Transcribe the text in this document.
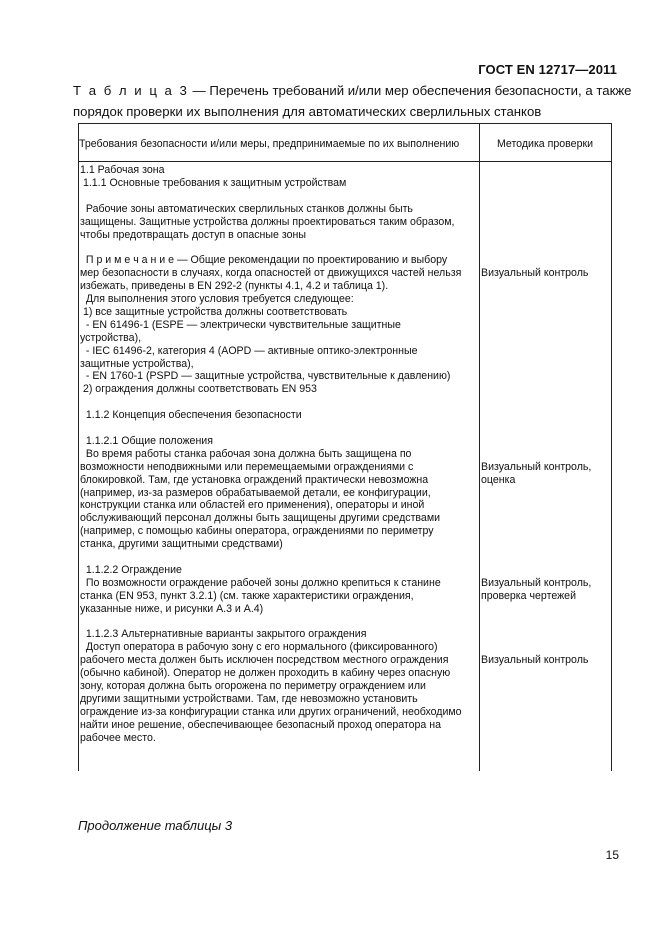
ГОСТ EN 12717—2011
Т а б л и ц а 3 — Перечень требований и/или мер обеспечения безопасности, а также
порядок проверки их выполнения для автоматических сверлильных станков
Требования безопасности и/или меры, предпринимаемые по их выполнению	Методика проверки
1.1 Рабочая зона
1.1.1 Основные требования к защитным устройствам
Рабочие зоны автоматических сверлильных станков должны быть
защищены. Защитные устройства должны проектироваться таким образом,
чтобы предотвращать доступ в опасные зоны
П р и м е ч а н и е — Общие рекомендации по проектированию и выбору
мер безопасности в случаях, когда опасностей от движущихся частей нельзя
избежать, приведены в EN 292-2 (пункты 4.1, 4.2 и таблица 1).
Для выполнения этого условия требуется следующее:
1) все защитные устройства должны соответствовать
- EN 61496-1 (ESPE — электрически чувствительные защитные
устройства),
- IEC 61496-2, категория 4 (AOPD — активные оптико-электронные
защитные устройства),
- EN 1760-1 (PSPD — защитные устройства, чувствительные к давлению)
2) ограждения должны соответствовать EN 953
1.1.2 Концепция обеспечения безопасности
1.1.2.1 Общие положения
Во время работы станка рабочая зона должна быть защищена по
возможности неподвижными или перемещаемыми ограждениями с
блокировкой. Там, где установка ограждений практически невозможна
(например, из-за размеров обрабатываемой детали, ее конфигурации,
конструкции станка или областей его применения), операторы и иной
обслуживающий персонал должны быть защищены другими средствами
(например, с помощью кабины оператора, ограждениями по периметру
станка, другими защитными средствами)
1.1.2.2 Ограждение
По возможности ограждение рабочей зоны должно крепиться к станине
станка (EN 953, пункт 3.2.1) (см. также характеристики ограждения,
указанные ниже, и рисунки А.3 и А.4)
1.1.2.3 Альтернативные варианты закрытого ограждения
Доступ оператора в рабочую зону с его нормального (фиксированного)
рабочего места должен быть исключен посредством местного ограждения
(обычно кабиной). Оператор не должен проходить в кабину через опасную
зону, которая должна быть огорожена по периметру ограждением или
другими защитными устройствами. Там, где невозможно установить
ограждение из-за конфигурации станка или других ограничений, необходимо
найти иное решение, обеспечивающее безопасный проход оператора на
рабочее место.
Визуальный контроль
Визуальный контроль,
оценка
Визуальный контроль,
проверка чертежей
Визуальный контроль
Продолжение таблицы 3
15
